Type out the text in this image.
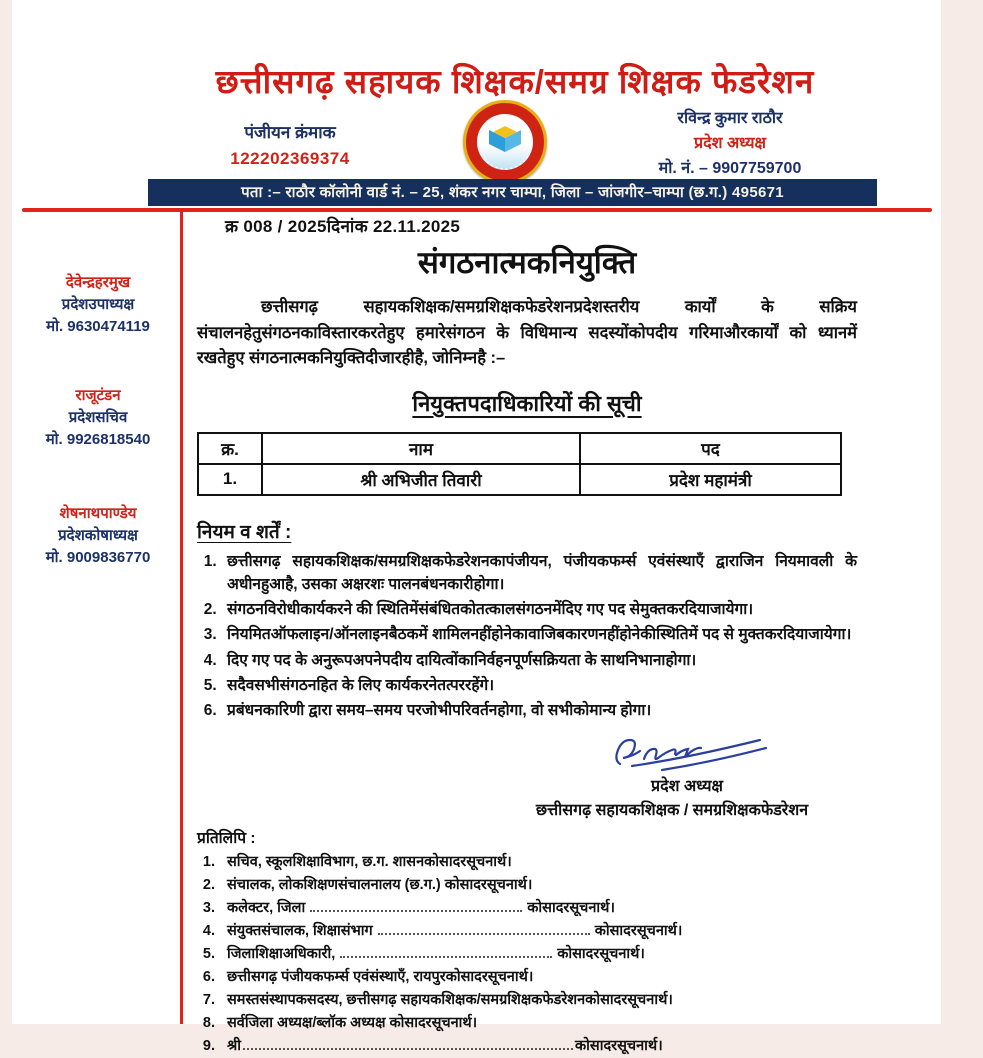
छत्तीसगढ़ सहायक शिक्षक/समग्र शिक्षक फेडरेशन
पंजीयन क्रंमाक
122202369374
रविन्द्र कुमार राठौर
प्रदेश अध्यक्ष
मो. नं. – 9907759700
पता :– राठौर कॉलोनी वार्ड नं. – 25, शंकर नगर चाम्पा, जिला – जांजगीर–चाम्पा (छ.ग.) 495671
देवेन्द्रहरमुख
प्रदेशउपाध्यक्ष
मो. 9630474119
राजूटंडन
प्रदेशसचिव
मो. 9926818540
शेषनाथपाण्डेय
प्रदेशकोषाध्यक्ष
मो. 9009836770
क्र 008 / 2025दिनांक 22.11.2025
संगठनात्मकनियुक्ति
छत्तीसगढ़ सहायकशिक्षक/समग्रशिक्षकफेडरेशनप्रदेशस्तरीय कार्यों के सक्रिय संचालनहेतुसंगठनकाविस्तारकरतेहुए हमारेसंगठन के विधिमान्य सदस्योंकोपदीय गरिमाऔरकार्यों को ध्यानमें रखतेहुए संगठनात्मकनियुक्तिदीजारहीहै, जोनिम्नहै :–
नियुक्तपदाधिकारियों की सूची
क्र.	नाम	पद
1.	श्री अभिजीत तिवारी	प्रदेश महामंत्री
नियम व शर्तें :
1. छत्तीसगढ़ सहायकशिक्षक/समग्रशिक्षकफेडरेशनकापंजीयन, पंजीयकफर्म्स एवंसंस्थाएँ द्वाराजिन नियमावली के अधीनहुआहै, उसका अक्षरशः पालनबंधनकारीहोगा।
2. संगठनविरोधीकार्यकरने की स्थितिमेंसंबंधितकोतत्कालसंगठनमेंदिए गए पद सेमुक्तकरदियाजायेगा।
3. नियमितऑफलाइन/ऑनलाइनबैठकमें शामिलनहींहोनेकावाजिबकारणनहींहोनेकीस्थितिमें पद से मुक्तकरदियाजायेगा।
4. दिए गए पद के अनुरूपअपनेपदीय दायित्वोंकानिर्वहनपूर्णसक्रियता के साथनिभानाहोगा।
5. सदैवसभीसंगठनहित के लिए कार्यकरनेतत्पररहेंगे।
6. प्रबंधनकारिणी द्वारा समय–समय परजोभीपरिवर्तनहोगा, वो सभीकोमान्य होगा।
प्रदेश अध्यक्ष
छत्तीसगढ़ सहायकशिक्षक / समग्रशिक्षकफेडरेशन
प्रतिलिपि :
1. सचिव, स्कूलशिक्षाविभाग, छ.ग. शासनकोसादरसूचनार्थ।
2. संचालक, लोकशिक्षणसंचालनालय (छ.ग.) कोसादरसूचनार्थ।
3. कलेक्टर, जिला	कोसादरसूचनार्थ।
4. संयुक्तसंचालक, शिक्षासंभाग	कोसादरसूचनार्थ।
5. जिलाशिक्षाअधिकारी,	कोसादरसूचनार्थ।
6. छत्तीसगढ़ पंजीयकफर्म्स एवंसंस्थाएँ, रायपुरकोसादरसूचनार्थ।
7. समस्तसंस्थापकसदस्य, छत्तीसगढ़ सहायकशिक्षक/समग्रशिक्षकफेडरेशनकोसादरसूचनार्थ।
8. सर्वजिला अध्यक्ष/ब्लॉक अध्यक्ष कोसादरसूचनार्थ।
9. श्री	कोसादरसूचनार्थ।
